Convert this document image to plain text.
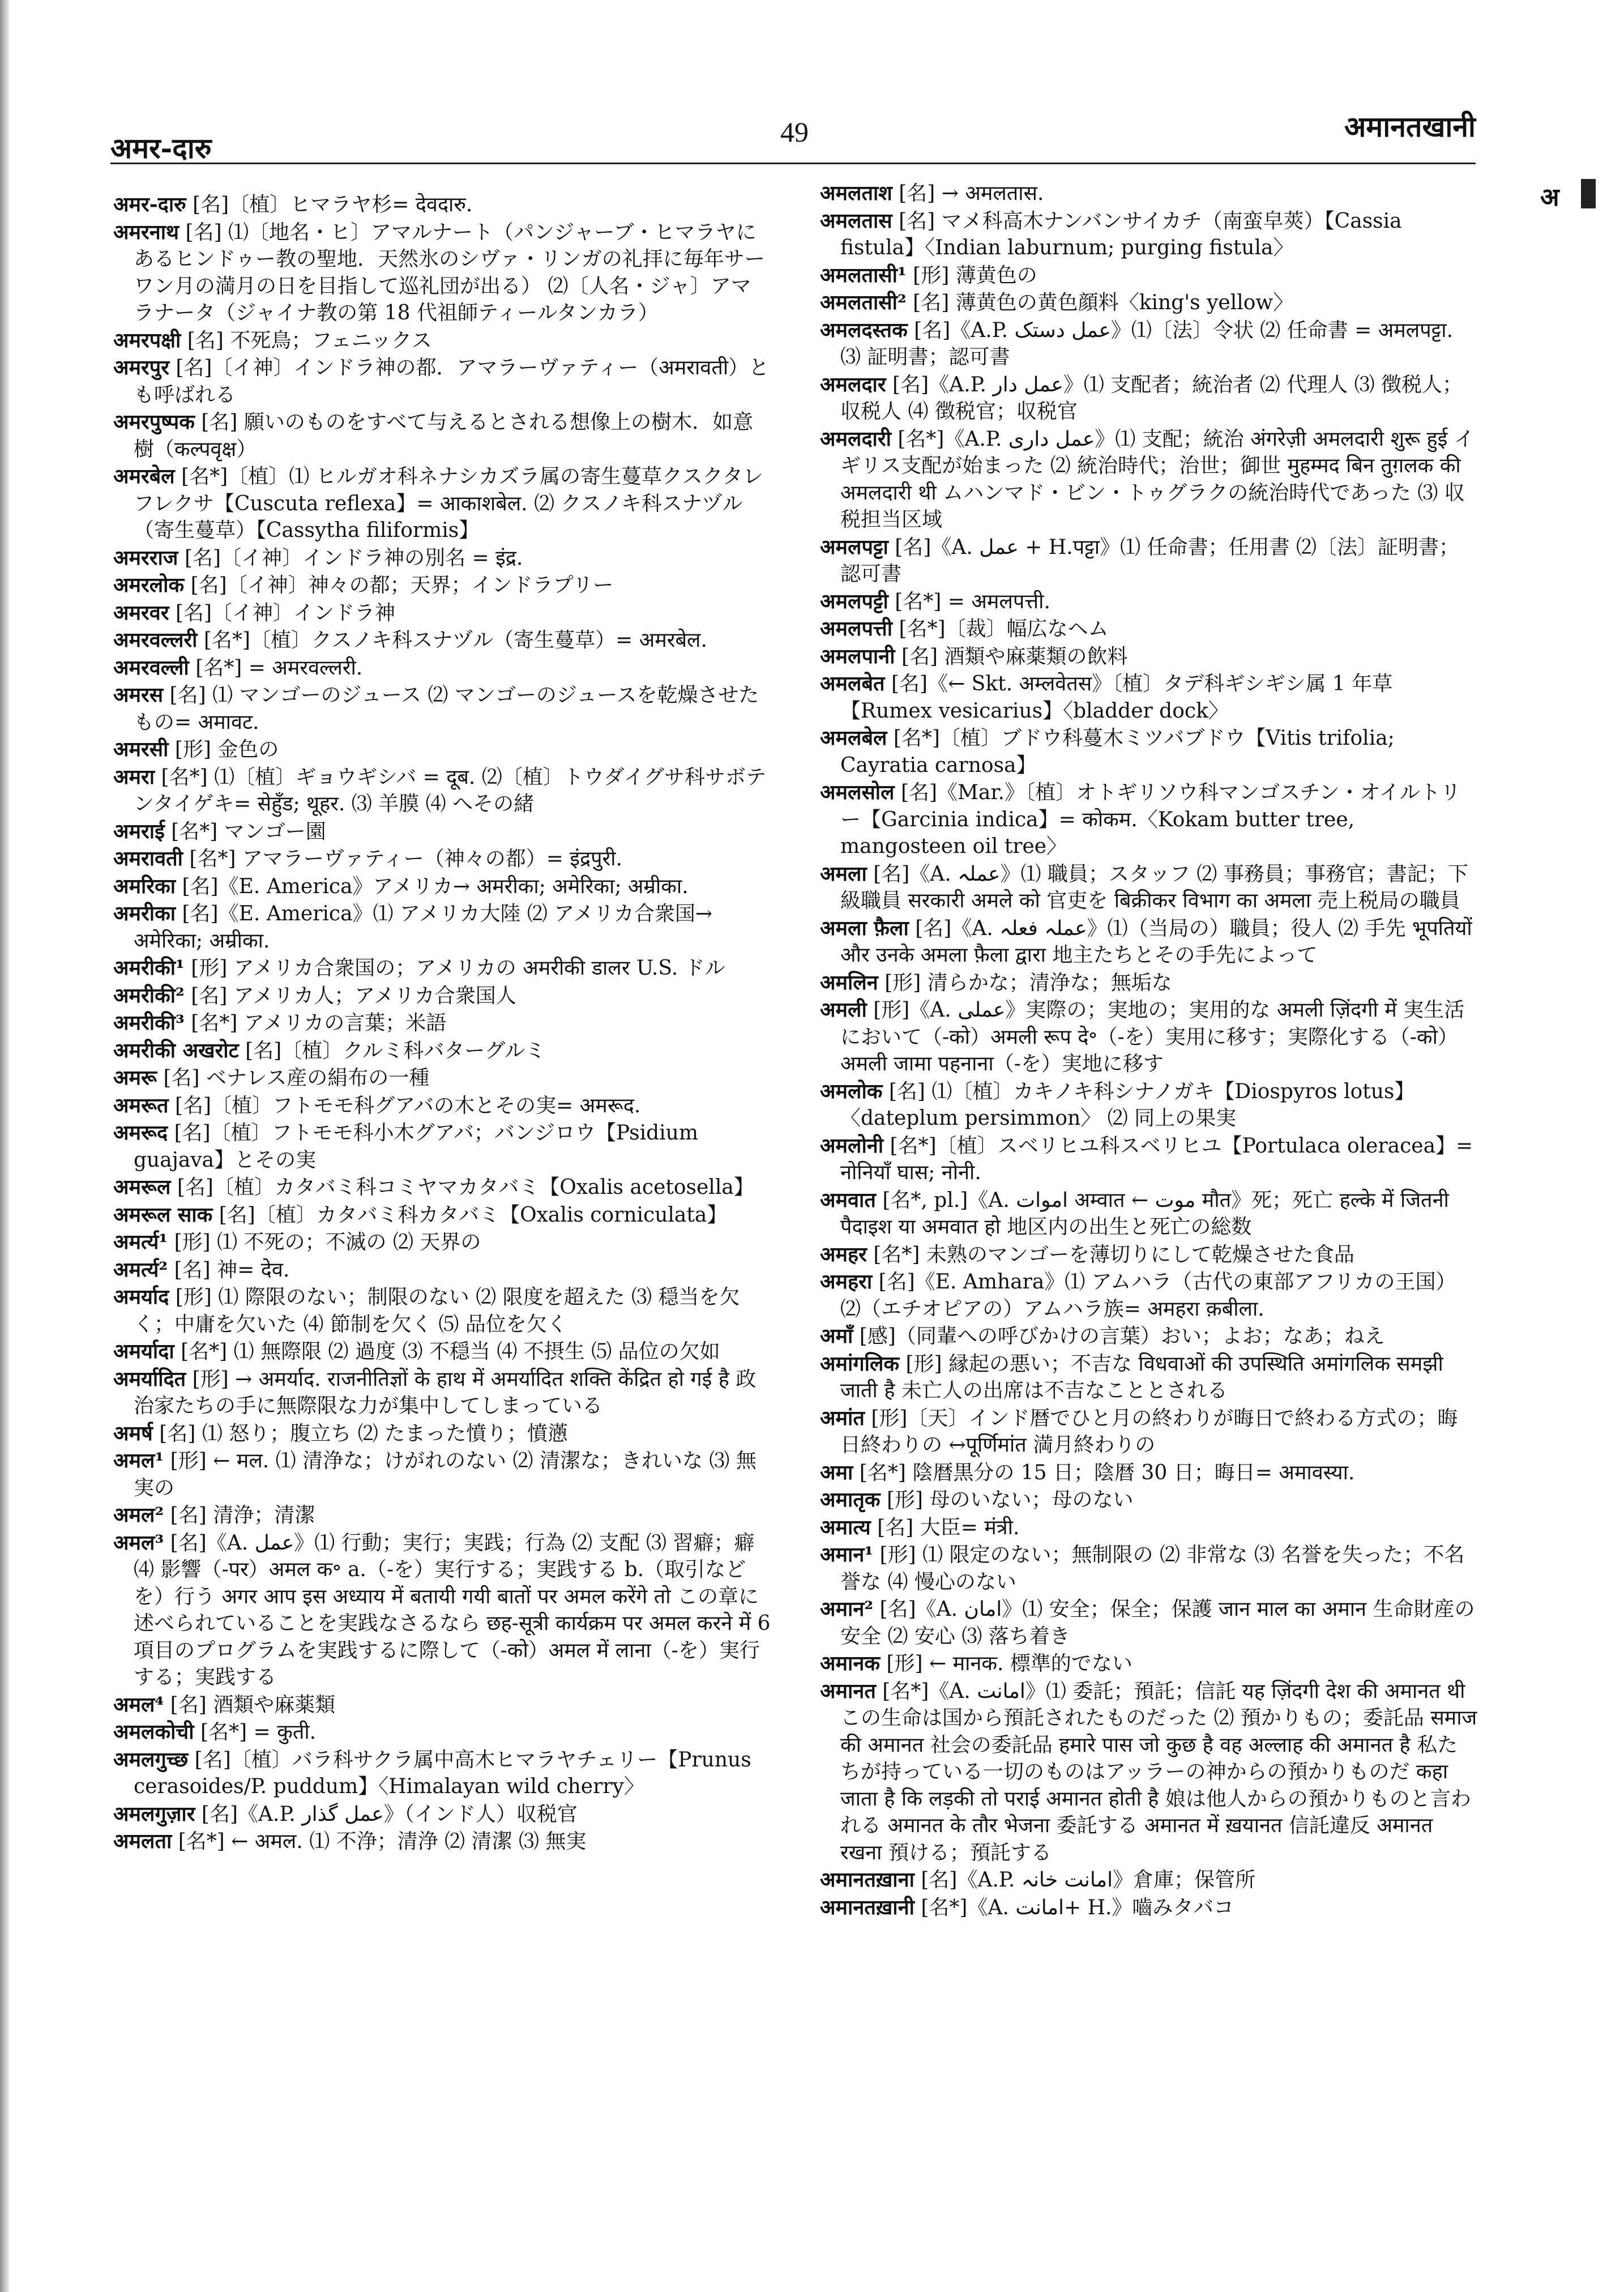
अमर-दारु	49	अमानतखानी
अ
अमर-दारु [名]〔植〕ヒマラヤ杉= देवदारु.
अमरनाथ [名] ⑴〔地名・ヒ〕アマルナート（パンジャーブ・ヒマラヤにあるヒンドゥー教の聖地．天然氷のシヴァ・リンガの礼拝に毎年サーワン月の満月の日を目指して巡礼団が出る） ⑵〔人名・ジャ〕アマラナータ（ジャイナ教の第 18 代祖師ティールタンカラ）
अमरपक्षी [名] 不死鳥；フェニックス
अमरपुर [名]〔イ神〕インドラ神の都．アマラーヴァティー（अमरावती）とも呼ばれる
अमरपुष्पक [名] 願いのものをすべて与えるとされる想像上の樹木．如意樹（कल्पवृक्ष）
अमरबेल [名*]〔植〕⑴ ヒルガオ科ネナシカズラ属の寄生蔓草クスクタレフレクサ【Cuscuta reflexa】= आकाशबेल. ⑵ クスノキ科スナヅル（寄生蔓草）【Cassytha filiformis】
अमरराज [名]〔イ神〕インドラ神の別名 = इंद्र.
अमरलोक [名]〔イ神〕神々の都；天界；インドラプリー
अमरवर [名]〔イ神〕インドラ神
अमरवल्लरी [名*]〔植〕クスノキ科スナヅル（寄生蔓草）= अमरबेल.
अमरवल्ली [名*] = अमरवल्लरी.
अमरस [名] ⑴ マンゴーのジュース ⑵ マンゴーのジュースを乾燥させたもの= अमावट.
अमरसी [形] 金色の
अमरा [名*] ⑴〔植〕ギョウギシバ = दूब. ⑵〔植〕トウダイグサ科サボテンタイゲキ= सेहुँड; थूहर. ⑶ 羊膜 ⑷ へその緒
अमराई [名*] マンゴー園
अमरावती [名*] アマラーヴァティー（神々の都）= इंद्रपुरी.
अमरिका [名]《E. America》アメリカ→ अमरीका; अमेरिका; अम्रीका.
अमरीका [名]《E. America》⑴ アメリカ大陸 ⑵ アメリカ合衆国→ अमेरिका; अम्रीका.
अमरीकी¹ [形] アメリカ合衆国の；アメリカの अमरीकी डालर U.S. ドル
अमरीकी² [名] アメリカ人；アメリカ合衆国人
अमरीकी³ [名*] アメリカの言葉；米語
अमरीकी अखरोट [名]〔植〕クルミ科バターグルミ
अमरू [名] ベナレス産の絹布の一種
अमरूत [名]〔植〕フトモモ科グアバの木とその実= अमरूद.
अमरूद [名]〔植〕フトモモ科小木グアバ；バンジロウ【Psidium guajava】とその実
अमरूल [名]〔植〕カタバミ科コミヤマカタバミ【Oxalis acetosella】
अमरूल साक [名]〔植〕カタバミ科カタバミ【Oxalis corniculata】
अमर्त्य¹ [形] ⑴ 不死の；不滅の ⑵ 天界の
अमर्त्य² [名] 神= देव.
अमर्याद [形] ⑴ 際限のない；制限のない ⑵ 限度を超えた ⑶ 穏当を欠く；中庸を欠いた ⑷ 節制を欠く ⑸ 品位を欠く
अमर्यादा [名*] ⑴ 無際限 ⑵ 過度 ⑶ 不穏当 ⑷ 不摂生 ⑸ 品位の欠如
अमर्यादित [形] → अमर्याद. राजनीतिज्ञों के हाथ में अमर्यादित शक्ति केंद्रित हो गई है 政治家たちの手に無際限な力が集中してしまっている
अमर्ष [名] ⑴ 怒り；腹立ち ⑵ たまった憤り；憤懣
अमल¹ [形] ← मल. ⑴ 清浄な；けがれのない ⑵ 清潔な；きれいな ⑶ 無実の
अमल² [名] 清浄；清潔
अमल³ [名]《A. عمل》⑴ 行動；実行；実践；行為 ⑵ 支配 ⑶ 習癖；癖 ⑷ 影響（-पर）अमल क॰ a.（-を）実行する；実践する b.（取引などを）行う अगर आप इस अध्याय में बतायी गयी बातों पर अमल करेंगे तो この章に述べられていることを実践なさるなら छह-सूत्री कार्यक्रम पर अमल करने में 6 項目のプログラムを実践するに際して（-को）अमल में लाना（-を）実行する；実践する
अमल⁴ [名] 酒類や麻薬類
अमलकोची [名*] = कुती.
अमलगुच्छ [名]〔植〕バラ科サクラ属中高木ヒマラヤチェリー【Prunus cerasoides/P. puddum】〈Himalayan wild cherry〉
अमलगुज़ार [名]《A.P. عمل گذار》（インド人）収税官
अमलता [名*] ← अमल. ⑴ 不浄；清浄 ⑵ 清潔 ⑶ 無実
अमलताश [名] → अमलतास.
अमलतास [名] マメ科高木ナンバンサイカチ（南蛮皁莢）【Cassia fistula】〈Indian laburnum; purging fistula〉
अमलतासी¹ [形] 薄黄色の
अमलतासी² [名] 薄黄色の黄色顔料〈king's yellow〉
अमलदस्तक [名]《A.P. عمل دستک》⑴〔法〕令状 ⑵ 任命書 = अमलपट्टा. ⑶ 証明書；認可書
अमलदार [名]《A.P. عمل دار》⑴ 支配者；統治者 ⑵ 代理人 ⑶ 徴税人；収税人 ⑷ 徴税官；収税官
अमलदारी [名*]《A.P. عمل داری》⑴ 支配；統治 अंगरेज़ी अमलदारी शुरू हुई イギリス支配が始まった ⑵ 統治時代；治世；御世 मुहम्मद बिन तुग़लक की अमलदारी थी ムハンマド・ビン・トゥグラクの統治時代であった ⑶ 収税担当区域
अमलपट्टा [名]《A. عمل + H.पट्टा》⑴ 任命書；任用書 ⑵〔法〕証明書；認可書
अमलपट्टी [名*] = अमलपत्ती.
अमलपत्ती [名*]〔裁〕幅広なヘム
अमलपानी [名] 酒類や麻薬類の飲料
अमलबेत [名]《← Skt. अम्लवेतस》〔植〕タデ科ギシギシ属 1 年草【Rumex vesicarius】〈bladder dock〉
अमलबेल [名*]〔植〕ブドウ科蔓木ミツバブドウ【Vitis trifolia; Cayratia carnosa】
अमलसोल [名]《Mar.》〔植〕オトギリソウ科マンゴスチン・オイルトリー【Garcinia indica】= कोकम.〈Kokam butter tree, mangosteen oil tree〉
अमला [名]《A. عملہ》⑴ 職員；スタッフ ⑵ 事務員；事務官；書記；下級職員 सरकारी अमले को 官吏を बिक्रीकर विभाग का अमला 売上税局の職員
अमला फ़ैला [名]《A. عملہ فعلہ》⑴（当局の）職員；役人 ⑵ 手先 भूपतियों और उनके अमला फ़ैला द्वारा 地主たちとその手先によって
अमलिन [形] 清らかな；清浄な；無垢な
अमली [形]《A. عملی》実際の；実地の；実用的な अमली ज़िंदगी में 実生活において（-को）अमली रूप दे॰（-を）実用に移す；実際化する（-को）अमली जामा पहनाना（-を）実地に移す
अमलोक [名] ⑴〔植〕カキノキ科シナノガキ【Diospyros lotus】〈dateplum persimmon〉 ⑵ 同上の果実
अमलोनी [名*]〔植〕スベリヒユ科スベリヒユ【Portulaca oleracea】= नोनियाँ घास; नोनी.
अमवात [名*, pl.]《A. اموات अम्वात ← موت मौत》死；死亡 हल्के में जितनी पैदाइश या अमवात हो 地区内の出生と死亡の総数
अमहर [名*] 未熟のマンゴーを薄切りにして乾燥させた食品
अमहरा [名]《E. Amhara》⑴ アムハラ（古代の東部アフリカの王国） ⑵（エチオピアの）アムハラ族= अमहरा क़बीला.
अमाँ [感]（同輩への呼びかけの言葉）おい；よお；なあ；ねえ
अमांगलिक [形] 縁起の悪い；不吉な विधवाओं की उपस्थिति अमांगलिक समझी जाती है 未亡人の出席は不吉なこととされる
अमांत [形]〔天〕インド暦でひと月の終わりが晦日で終わる方式の；晦日終わりの ↔पूर्णिमांत 満月終わりの
अमा [名*] 陰暦黒分の 15 日；陰暦 30 日；晦日= अमावस्या.
अमातृक [形] 母のいない；母のない
अमात्य [名] 大臣= मंत्री.
अमान¹ [形] ⑴ 限定のない；無制限の ⑵ 非常な ⑶ 名誉を失った；不名誉な ⑷ 慢心のない
अमान² [名]《A. امان》⑴ 安全；保全；保護 जान माल का अमान 生命財産の安全 ⑵ 安心 ⑶ 落ち着き
अमानक [形] ← मानक. 標準的でない
अमानत [名*]《A. امانت》⑴ 委託；預託；信託 यह ज़िंदगी देश की अमानत थी この生命は国から預託されたものだった ⑵ 預かりもの；委託品 समाज की अमानत 社会の委託品 हमारे पास जो कुछ है वह अल्लाह की अमानत है 私たちが持っている一切のものはアッラーの神からの預かりものだ कहा जाता है कि लड़की तो पराई अमानत होती है 娘は他人からの預かりものと言われる अमानत के तौर भेजना 委託する अमानत में ख़यानत 信託違反 अमानत रखना 預ける；預託する
अमानतख़ाना [名]《A.P. امانت خانہ》倉庫；保管所
अमानतख़ानी [名*]《A. امانت+ H.》嚙みタバコ
